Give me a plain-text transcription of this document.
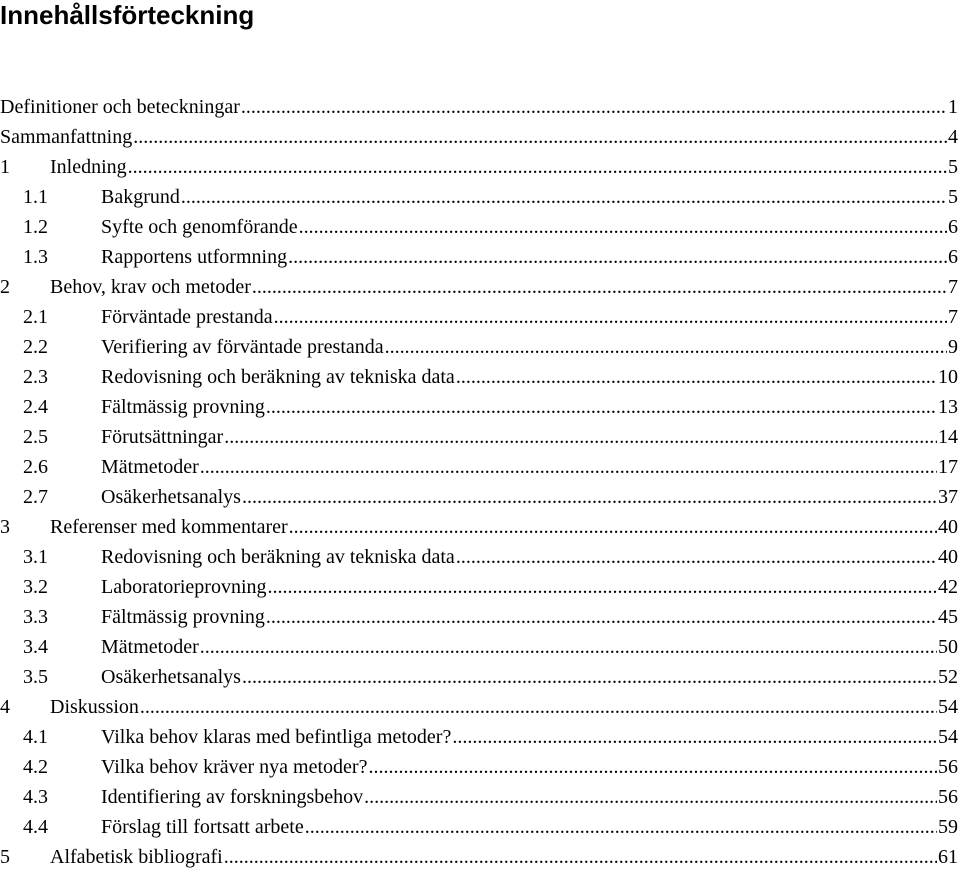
Innehållsförteckning
Definitioner och beteckningar .....	1
Sammanfattning .....	4
1	Inledning .....	5
1.1	Bakgrund .....	5
1.2	Syfte och genomförande .....	6
1.3	Rapportens utformning .....	6
2	Behov, krav och metoder .....	7
2.1	Förväntade prestanda .....	7
2.2	Verifiering av förväntade prestanda .....	9
2.3	Redovisning och beräkning av tekniska data .....	10
2.4	Fältmässig provning .....	13
2.5	Förutsättningar .....	14
2.6	Mätmetoder .....	17
2.7	Osäkerhetsanalys .....	37
3	Referenser med kommentarer .....	40
3.1	Redovisning och beräkning av tekniska data .....	40
3.2	Laboratorieprovning .....	42
3.3	Fältmässig provning .....	45
3.4	Mätmetoder .....	50
3.5	Osäkerhetsanalys .....	52
4	Diskussion .....	54
4.1	Vilka behov klaras med befintliga metoder? .....	54
4.2	Vilka behov kräver nya metoder? .....	56
4.3	Identifiering av forskningsbehov .....	56
4.4	Förslag till fortsatt arbete .....	59
5	Alfabetisk bibliografi .....	61
